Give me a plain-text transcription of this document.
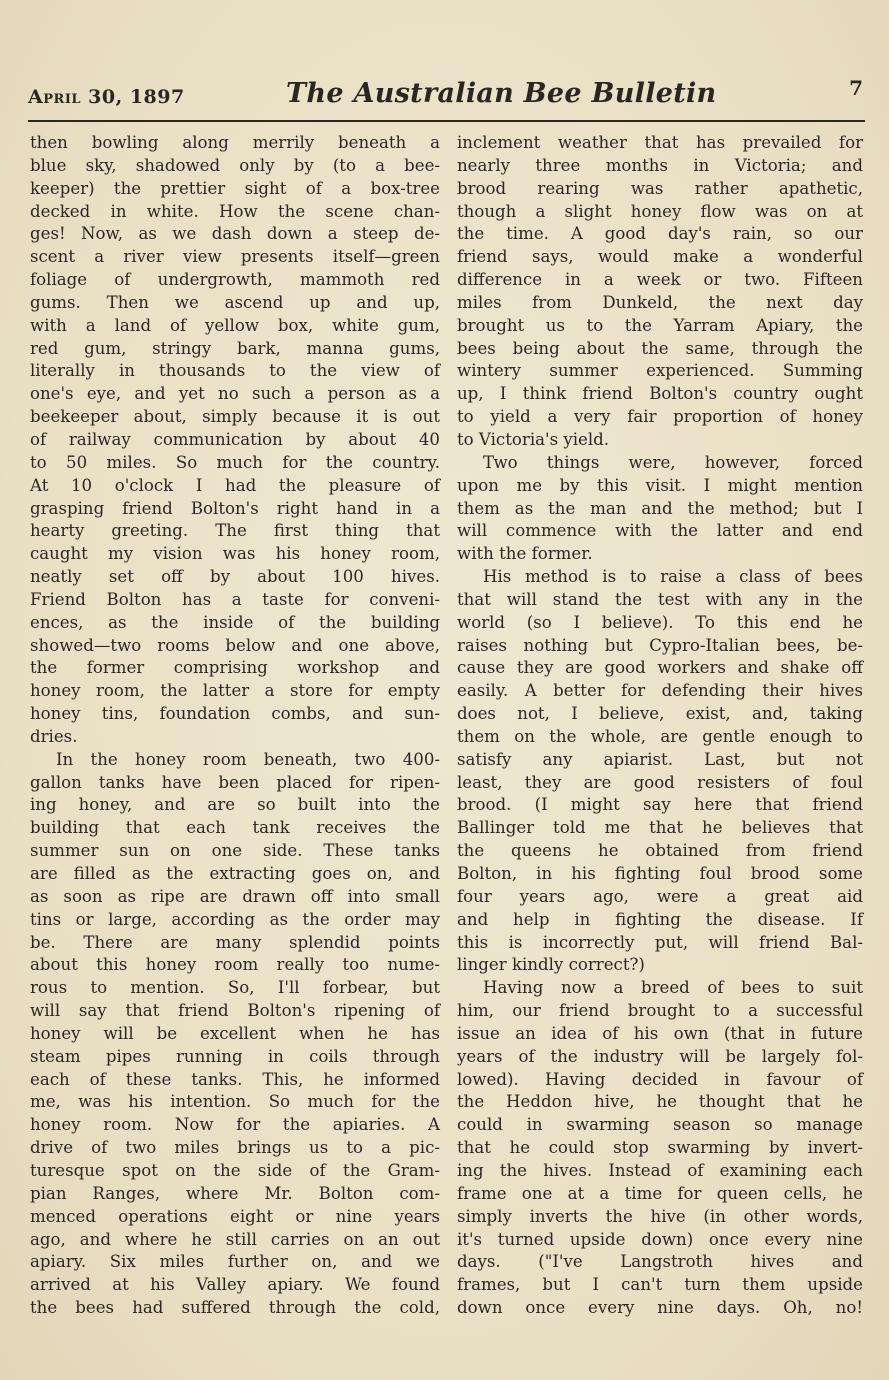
April 30, 1897	The Australian Bee Bulletin	7
then bowling along merrily beneath a
blue sky, shadowed only by (to a bee-
keeper) the prettier sight of a box-tree
decked in white. How the scene chan-
ges! Now, as we dash down a steep de-
scent a river view presents itself—green
foliage of undergrowth, mammoth red
gums. Then we ascend up and up,
with a land of yellow box, white gum,
red gum, stringy bark, manna gums,
literally in thousands to the view of
one's eye, and yet no such a person as a
beekeeper about, simply because it is out
of railway communication by about 40
to 50 miles. So much for the country.
At 10 o'clock I had the pleasure of
grasping friend Bolton's right hand in a
hearty greeting. The first thing that
caught my vision was his honey room,
neatly set off by about 100 hives.
Friend Bolton has a taste for conveni-
ences, as the inside of the building
showed—two rooms below and one above,
the former comprising workshop and
honey room, the latter a store for empty
honey tins, foundation combs, and sun-
dries.
In the honey room beneath, two 400-
gallon tanks have been placed for ripen-
ing honey, and are so built into the
building that each tank receives the
summer sun on one side. These tanks
are filled as the extracting goes on, and
as soon as ripe are drawn off into small
tins or large, according as the order may
be. There are many splendid points
about this honey room really too nume-
rous to mention. So, I'll forbear, but
will say that friend Bolton's ripening of
honey will be excellent when he has
steam pipes running in coils through
each of these tanks. This, he informed
me, was his intention. So much for the
honey room. Now for the apiaries. A
drive of two miles brings us to a pic-
turesque spot on the side of the Gram-
pian Ranges, where Mr. Bolton com-
menced operations eight or nine years
ago, and where he still carries on an out
apiary. Six miles further on, and we
arrived at his Valley apiary. We found
the bees had suffered through the cold,
inclement weather that has prevailed for
nearly three months in Victoria; and
brood rearing was rather apathetic,
though a slight honey flow was on at
the time. A good day's rain, so our
friend says, would make a wonderful
difference in a week or two. Fifteen
miles from Dunkeld, the next day
brought us to the Yarram Apiary, the
bees being about the same, through the
wintery summer experienced. Summing
up, I think friend Bolton's country ought
to yield a very fair proportion of honey
to Victoria's yield.
Two things were, however, forced
upon me by this visit. I might mention
them as the man and the method; but I
will commence with the latter and end
with the former.
His method is to raise a class of bees
that will stand the test with any in the
world (so I believe). To this end he
raises nothing but Cypro-Italian bees, be-
cause they are good workers and shake off
easily. A better for defending their hives
does not, I believe, exist, and, taking
them on the whole, are gentle enough to
satisfy any apiarist. Last, but not
least, they are good resisters of foul
brood. (I might say here that friend
Ballinger told me that he believes that
the queens he obtained from friend
Bolton, in his fighting foul brood some
four years ago, were a great aid
and help in fighting the disease. If
this is incorrectly put, will friend Bal-
linger kindly correct?)
Having now a breed of bees to suit
him, our friend brought to a successful
issue an idea of his own (that in future
years of the industry will be largely fol-
lowed). Having decided in favour of
the Heddon hive, he thought that he
could in swarming season so manage
that he could stop swarming by invert-
ing the hives. Instead of examining each
frame one at a time for queen cells, he
simply inverts the hive (in other words,
it's turned upside down) once every nine
days. ("I've Langstroth hives and
frames, but I can't turn them upside
down once every nine days. Oh, no!
